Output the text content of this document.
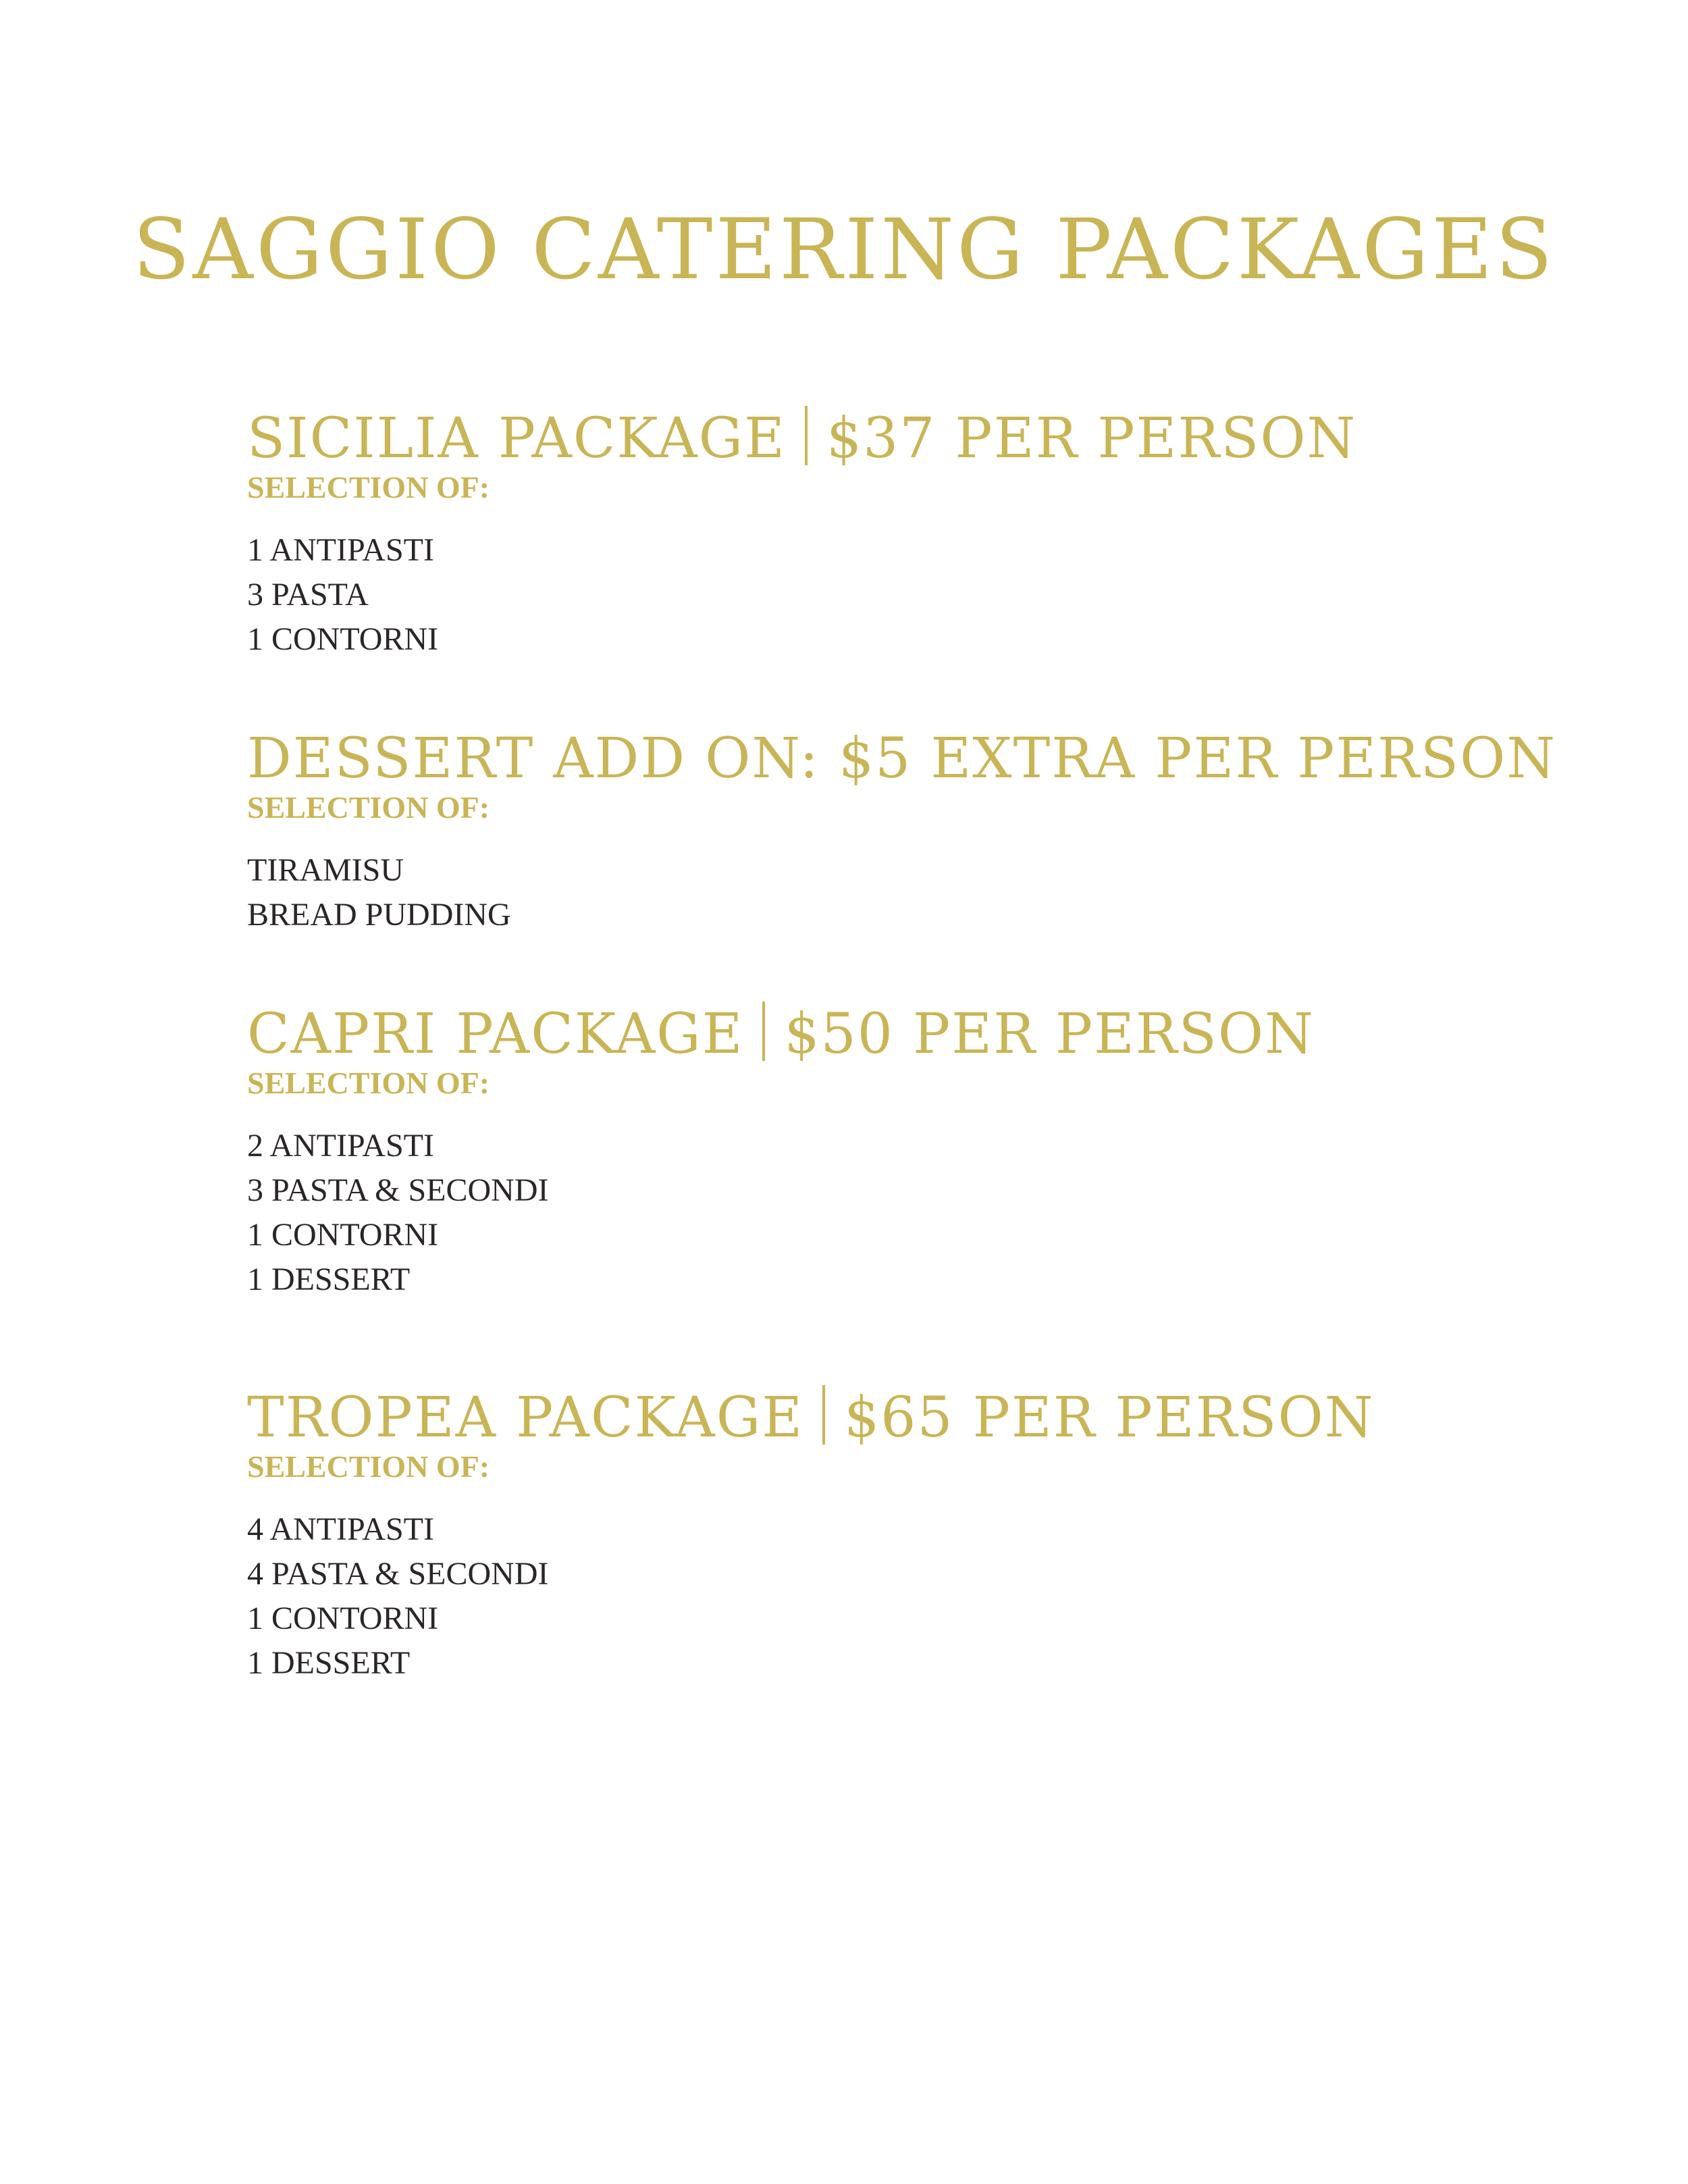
SAGGIO CATERING PACKAGES
SICILIA PACKAGE $37 PER PERSON
SELECTION OF:
1 ANTIPASTI
3 PASTA
1 CONTORNI
DESSERT ADD ON: $5 EXTRA PER PERSON
SELECTION OF:
TIRAMISU
BREAD PUDDING
CAPRI PACKAGE $50 PER PERSON
SELECTION OF:
2 ANTIPASTI
3 PASTA & SECONDI
1 CONTORNI
1 DESSERT
TROPEA PACKAGE $65 PER PERSON
SELECTION OF:
4 ANTIPASTI
4 PASTA & SECONDI
1 CONTORNI
1 DESSERT
